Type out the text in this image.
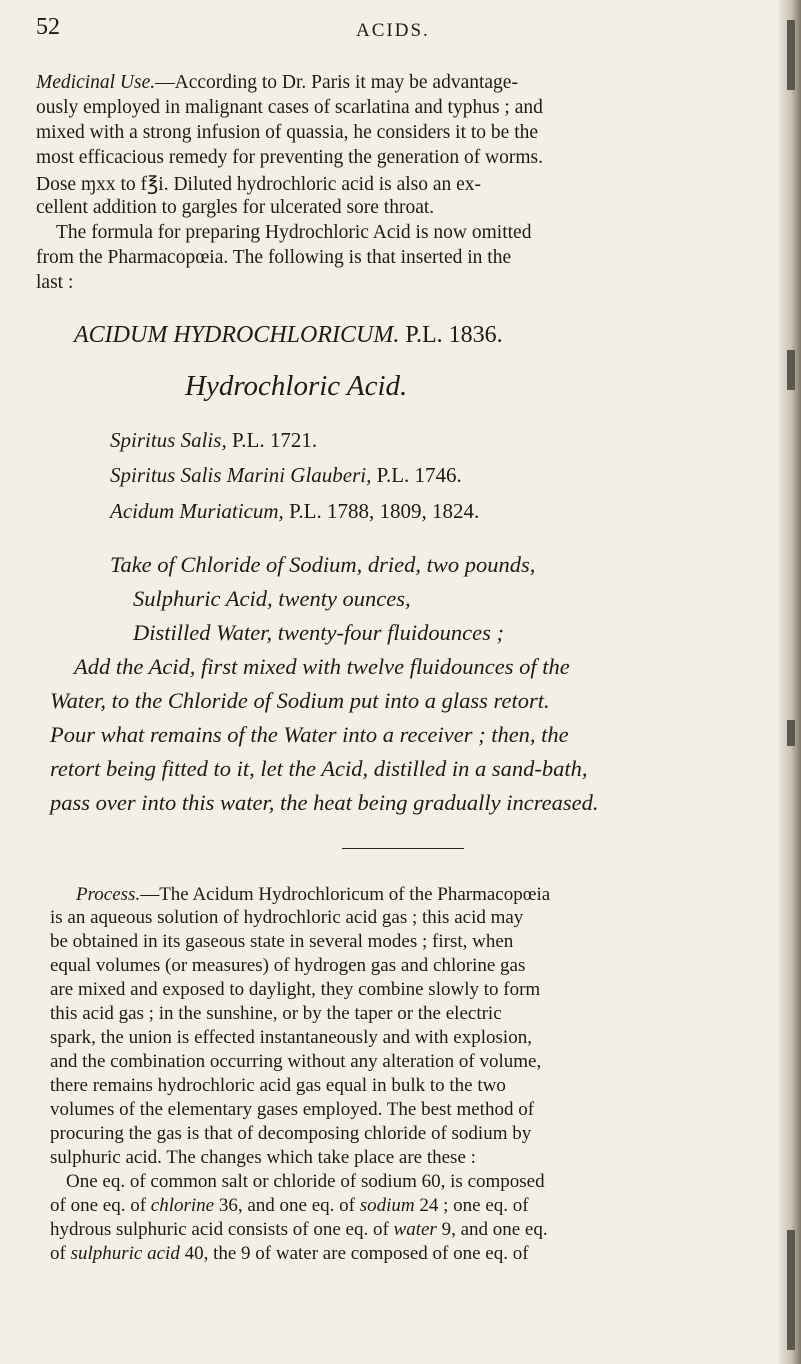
52	ACIDS.
Medicinal Use.—According to Dr. Paris it may be advantage-
ously employed in malignant cases of scarlatina and typhus ; and
mixed with a strong infusion of quassia, he considers it to be the
most efficacious remedy for preventing the generation of worms.
Dose ɱxx to f℥i. Diluted hydrochloric acid is also an ex-
cellent addition to gargles for ulcerated sore throat.
The formula for preparing Hydrochloric Acid is now omitted
from the Pharmacopœia. The following is that inserted in the
last :
ACIDUM HYDROCHLORICUM. P.L. 1836.
Hydrochloric Acid.
Spiritus Salis, P.L. 1721.
Spiritus Salis Marini Glauberi, P.L. 1746.
Acidum Muriaticum, P.L. 1788, 1809, 1824.
Take of Chloride of Sodium, dried, two pounds,
Sulphuric Acid, twenty ounces,
Distilled Water, twenty-four fluidounces ;
Add the Acid, first mixed with twelve fluidounces of the
Water, to the Chloride of Sodium put into a glass retort.
Pour what remains of the Water into a receiver ; then, the
retort being fitted to it, let the Acid, distilled in a sand-bath,
pass over into this water, the heat being gradually increased.
Process.—The Acidum Hydrochloricum of the Pharmacopœia
is an aqueous solution of hydrochloric acid gas ; this acid may
be obtained in its gaseous state in several modes ; first, when
equal volumes (or measures) of hydrogen gas and chlorine gas
are mixed and exposed to daylight, they combine slowly to form
this acid gas ; in the sunshine, or by the taper or the electric
spark, the union is effected instantaneously and with explosion,
and the combination occurring without any alteration of volume,
there remains hydrochloric acid gas equal in bulk to the two
volumes of the elementary gases employed. The best method of
procuring the gas is that of decomposing chloride of sodium by
sulphuric acid. The changes which take place are these :
One eq. of common salt or chloride of sodium 60, is composed
of one eq. of chlorine 36, and one eq. of sodium 24 ; one eq. of
hydrous sulphuric acid consists of one eq. of water 9, and one eq.
of sulphuric acid 40, the 9 of water are composed of one eq. of
